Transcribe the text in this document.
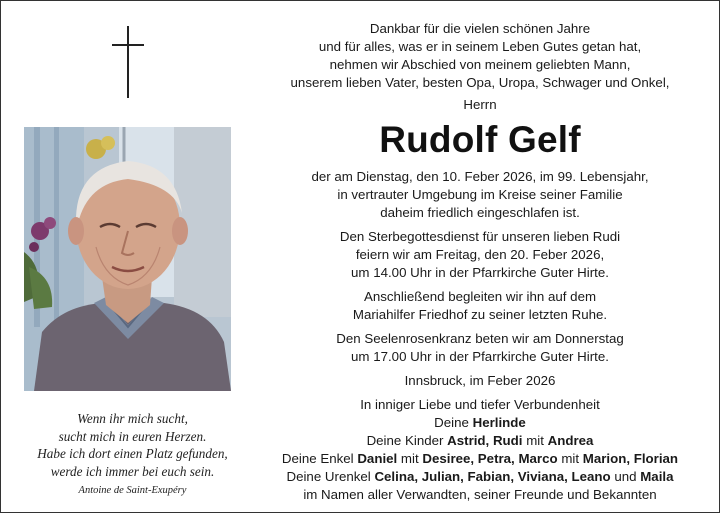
Wenn ihr mich sucht,
sucht mich in euren Herzen.
Habe ich dort einen Platz gefunden,
werde ich immer bei euch sein.
Antoine de Saint-Exupéry
Dankbar für die vielen schönen Jahre
und für alles, was er in seinem Leben Gutes getan hat,
nehmen wir Abschied von meinem geliebten Mann,
unserem lieben Vater, besten Opa, Uropa, Schwager und Onkel,
Herrn
Rudolf Gelf
der am Dienstag, den 10. Feber 2026, im 99. Lebensjahr,
in vertrauter Umgebung im Kreise seiner Familie
daheim friedlich eingeschlafen ist.
Den Sterbegottesdienst für unseren lieben Rudi
feiern wir am Freitag, den 20. Feber 2026,
um 14.00 Uhr in der Pfarrkirche Guter Hirte.
Anschließend begleiten wir ihn auf dem
Mariahilfer Friedhof zu seiner letzten Ruhe.
Den Seelenrosenkranz beten wir am Donnerstag
um 17.00 Uhr in der Pfarrkirche Guter Hirte.
Innsbruck, im Feber 2026
In inniger Liebe und tiefer Verbundenheit
Deine Herlinde
Deine Kinder Astrid, Rudi mit Andrea
Deine Enkel Daniel mit Desiree, Petra, Marco mit Marion, Florian
Deine Urenkel Celina, Julian, Fabian, Viviana, Leano und Maila
im Namen aller Verwandten, seiner Freunde und Bekannten
